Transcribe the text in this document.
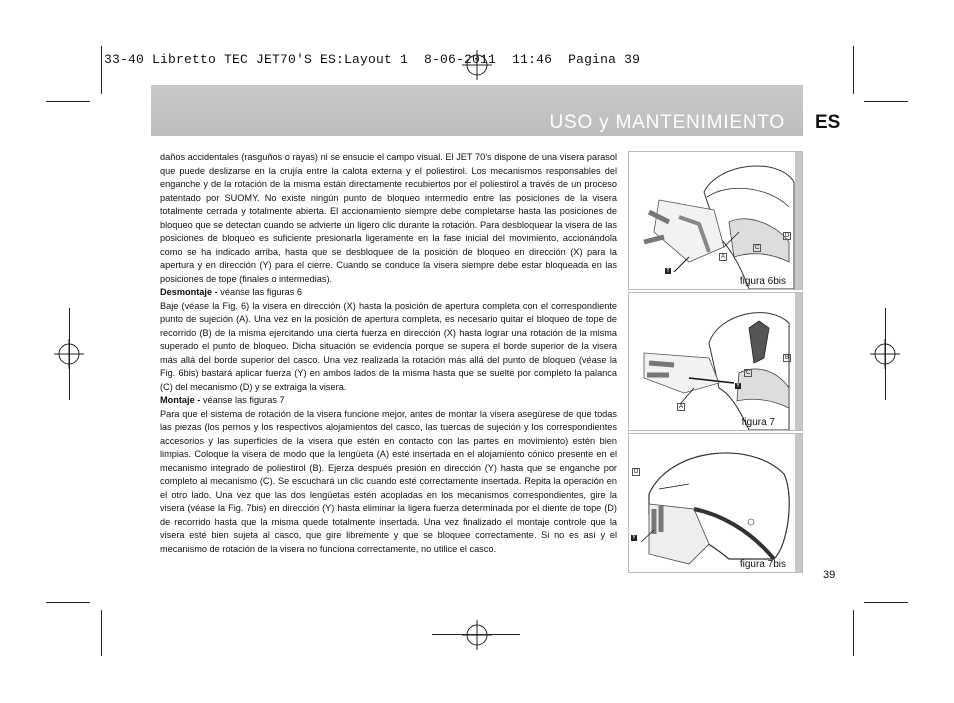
33-40 Libretto TEC JET70'S ES:Layout 1  8-06-2011  11:46  Pagina 39
USO y MANTENIMIENTO ES

daños accidentales (rasguños o rayas) ni se ensucie el campo visual. El JET 70’s dispone de una visera parasol que puede deslizarse en la crujía entre la calota externa y el poliestirol. Los mecanismos responsables del enganche y de la rotación de la misma están directamente recubiertos por el poliestirol a través de un proceso patentado por SUOMY. No existe ningún punto de bloqueo intermedio entre las posiciones de la visera totalmente cerrada y totalmente abierta. El accionamiento siempre debe completarse hasta las posiciones de bloqueo que se detectan cuando se advierte un ligero clic durante la rotación. Para desbloquear la visera de las posiciones de bloqueo es suficiente presionarla ligeramente en la fase inicial del movimiento, accionándola como se ha indicado arriba, hasta que se desbloquee de la posición de bloqueo en dirección (X) para la apertura y en dirección (Y) para el cierre. Cuando se conduce la visera siempre debe estar bloqueada en las posiciones de tope (finales o intermedias).

Desmontaje - véanse las figuras 6

Baje (véase la Fig. 6) la visera en dirección (X) hasta la posición de apertura completa con el correspondiente punto de sujeción (A). Una vez en la posición de apertura completa, es necesario quitar el bloqueo de tope de recorrido (B) de la misma ejercitando una cierta fuerza en dirección (X) hasta lograr una rotación de la misma superado el punto de bloqueo. Dicha situación se evidencia porque se supera el borde superior de la visera más allá del borde superior del casco. Una vez realizada la rotación más allá del punto de bloqueo (véase la Fig. 6bis) bastará aplicar fuerza (Y) en ambos lados de la misma hasta que se suelte por completo la palanca (C) del mecanismo (D) y se extraiga la visera.

Montaje - véanse las figuras 7

Para que el sistema de rotación de la visera funcione mejor, antes de montar la visera asegúrese de que todas las piezas (los pernos y los respectivos alojamientos del casco, las tuercas de sujeción y los correspondientes accesorios y las superficies de la visera que estén en contacto con las partes en movimiento) estén bien limpias. Coloque la visera de modo que la lengüeta (A) esté insertada en el alojamiento cónico presente en el mecanismo integrado de poliestirol (B). Ejerza después presión en dirección (Y) hasta que se enganche por completo al mecanismo (C). Se escuchará un clic cuando esté correctamente insertada. Repita la operación en el otro lado. Una vez que las dos lengüetas estén acopladas en los mecanismos correspondientes, gire la visera (véase la Fig. 7bis) en dirección (Y) hasta eliminar la ligera fuerza determinada por el diente de tope (D) de recorrido hasta que la misma quede totalmente insertada. Una vez finalizado el montaje controle que la visera esté bien sujeta al casco, que gire libremente y que se bloquee correctamente. Si no es así y el mecanismo de rotación de la visera no funciona correctamente, no utilice el casco.

D
C
A
Y
figura 6bis
B
C
Y
A
figura 7
D
Y
figura 7bis
39
